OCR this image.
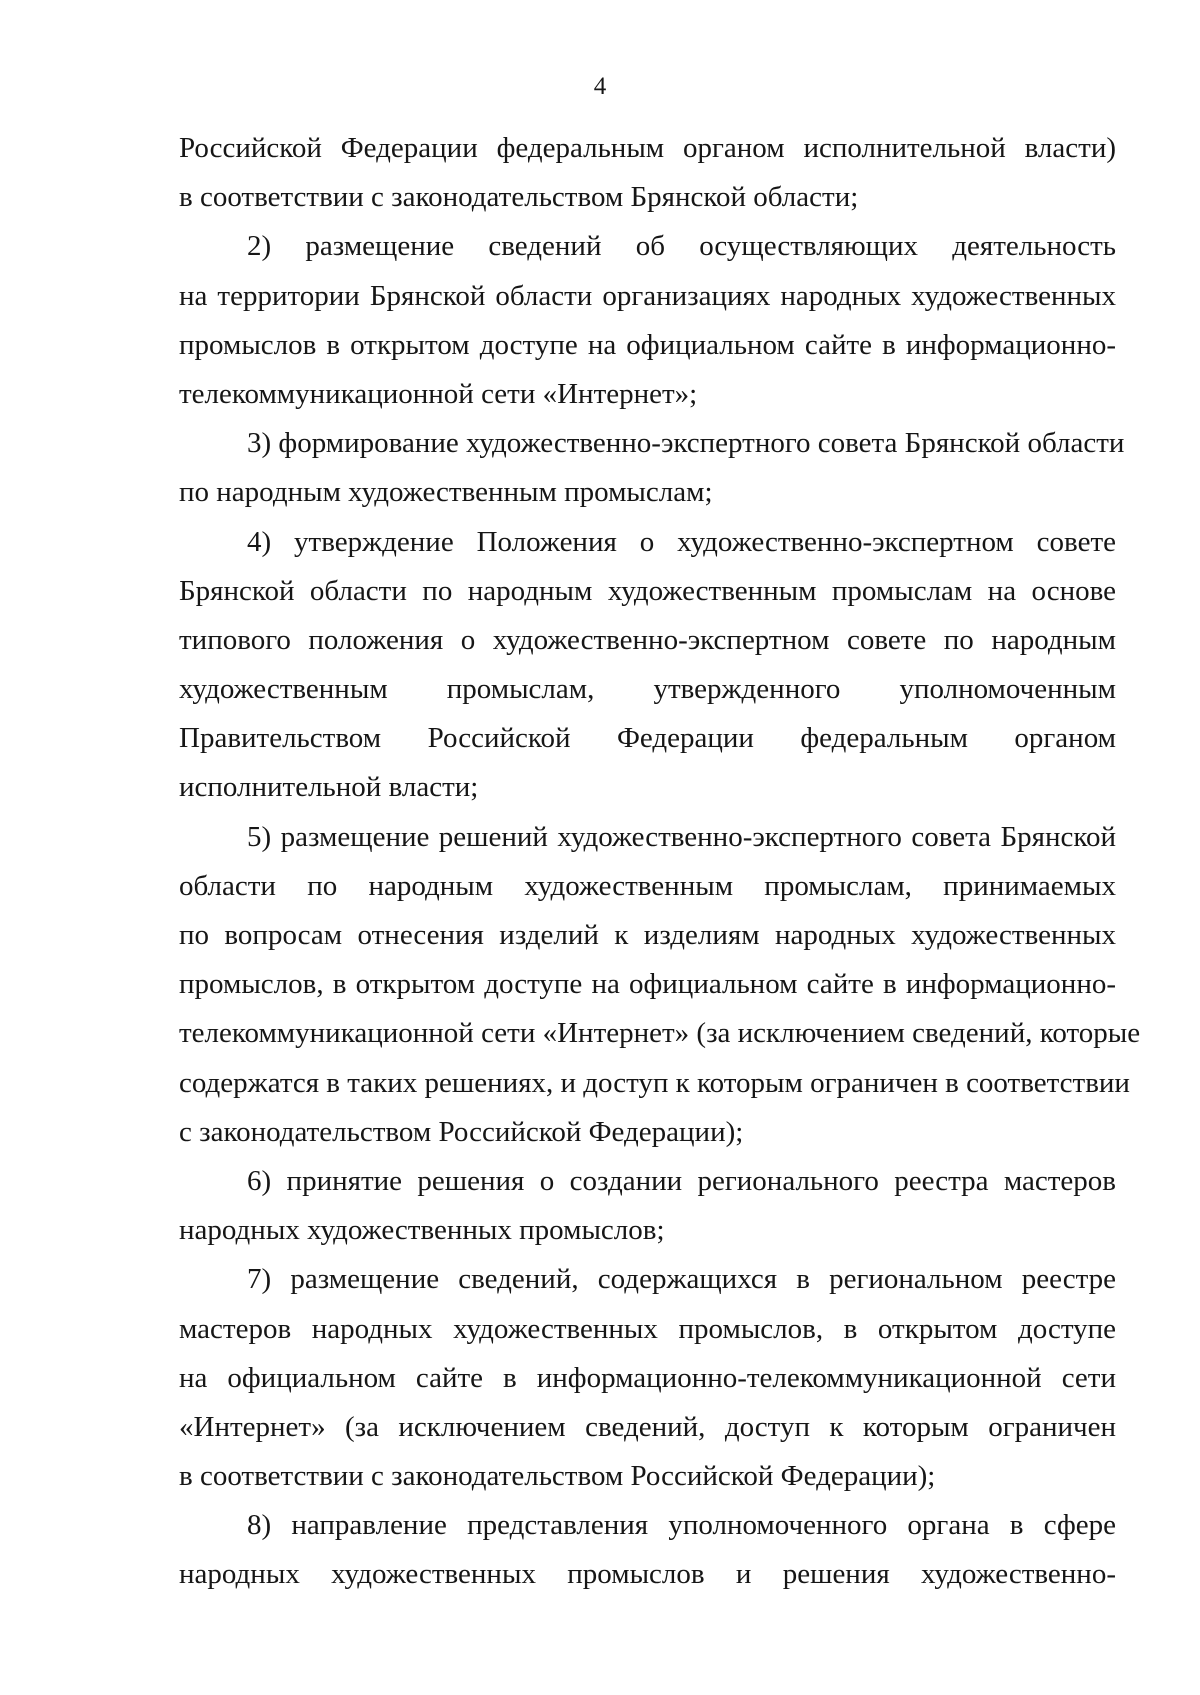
4
Российской Федерации федеральным органом исполнительной власти)
в соответствии с законодательством Брянской области;
2) размещение сведений об осуществляющих деятельность
на территории Брянской области организациях народных художественных
промыслов в открытом доступе на официальном сайте в информационно-
телекоммуникационной сети «Интернет»;
3) формирование художественно-экспертного совета Брянской области
по народным художественным промыслам;
4) утверждение Положения о художественно-экспертном совете
Брянской области по народным художественным промыслам на основе
типового положения о художественно-экспертном совете по народным
художественным промыслам, утвержденного уполномоченным
Правительством Российской Федерации федеральным органом
исполнительной власти;
5) размещение решений художественно-экспертного совета Брянской
области по народным художественным промыслам, принимаемых
по вопросам отнесения изделий к изделиям народных художественных
промыслов, в открытом доступе на официальном сайте в информационно-
телекоммуникационной сети «Интернет» (за исключением сведений, которые
содержатся в таких решениях, и доступ к которым ограничен в соответствии
с законодательством Российской Федерации);
6) принятие решения о создании регионального реестра мастеров
народных художественных промыслов;
7) размещение сведений, содержащихся в региональном реестре
мастеров народных художественных промыслов, в открытом доступе
на официальном сайте в информационно-телекоммуникационной сети
«Интернет» (за исключением сведений, доступ к которым ограничен
в соответствии с законодательством Российской Федерации);
8) направление представления уполномоченного органа в сфере
народных художественных промыслов и решения художественно-
